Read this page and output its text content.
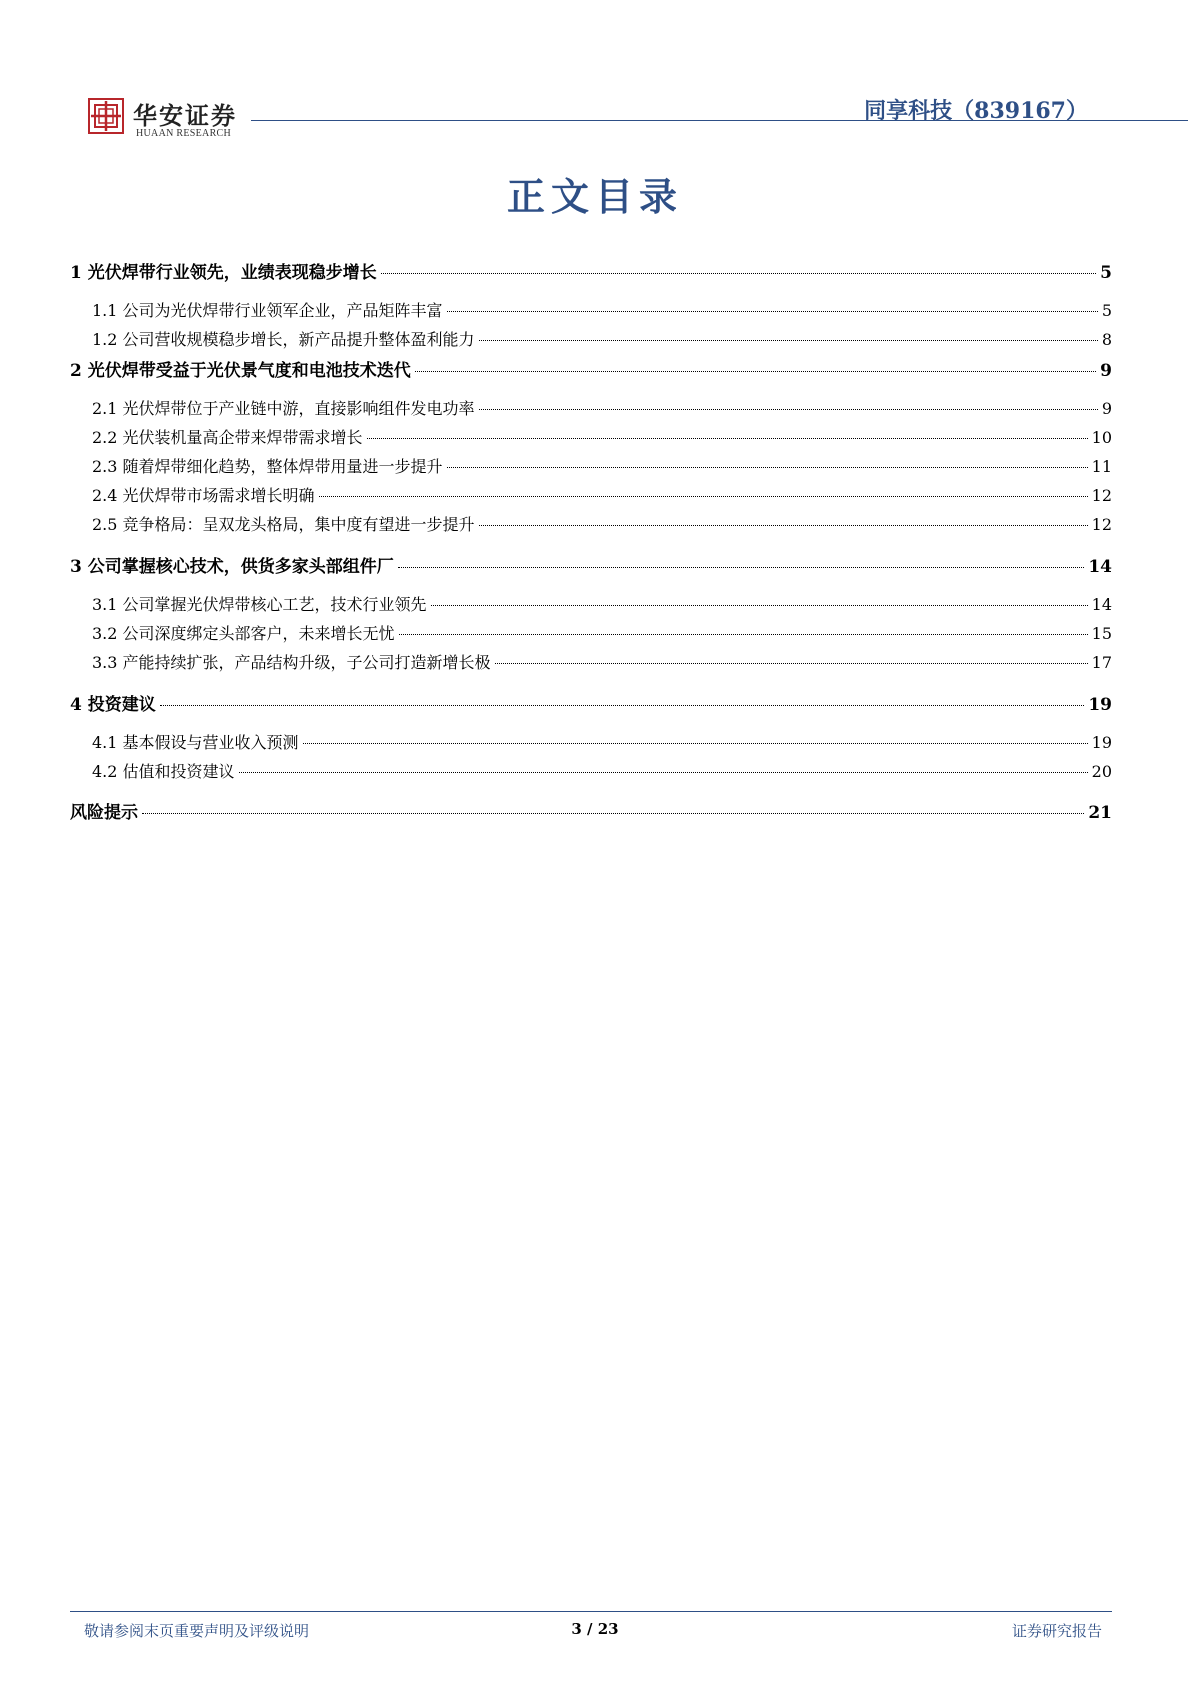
华安证券
HUAAN RESEARCH
同享科技（839167）
正文目录
1 光伏焊带行业领先，业绩表现稳步增长	5
1.1 公司为光伏焊带行业领军企业，产品矩阵丰富	5
1.2 公司营收规模稳步增长，新产品提升整体盈利能力	8
2 光伏焊带受益于光伏景气度和电池技术迭代	9
2.1 光伏焊带位于产业链中游，直接影响组件发电功率	9
2.2 光伏装机量高企带来焊带需求增长	10
2.3 随着焊带细化趋势，整体焊带用量进一步提升	11
2.4 光伏焊带市场需求增长明确	12
2.5 竞争格局：呈双龙头格局，集中度有望进一步提升	12
3 公司掌握核心技术，供货多家头部组件厂	14
3.1 公司掌握光伏焊带核心工艺，技术行业领先	14
3.2 公司深度绑定头部客户，未来增长无忧	15
3.3 产能持续扩张，产品结构升级，子公司打造新增长极	17
4 投资建议	19
4.1 基本假设与营业收入预测	19
4.2 估值和投资建议	20
风险提示	21
敬请参阅末页重要声明及评级说明	3 / 23	证券研究报告
